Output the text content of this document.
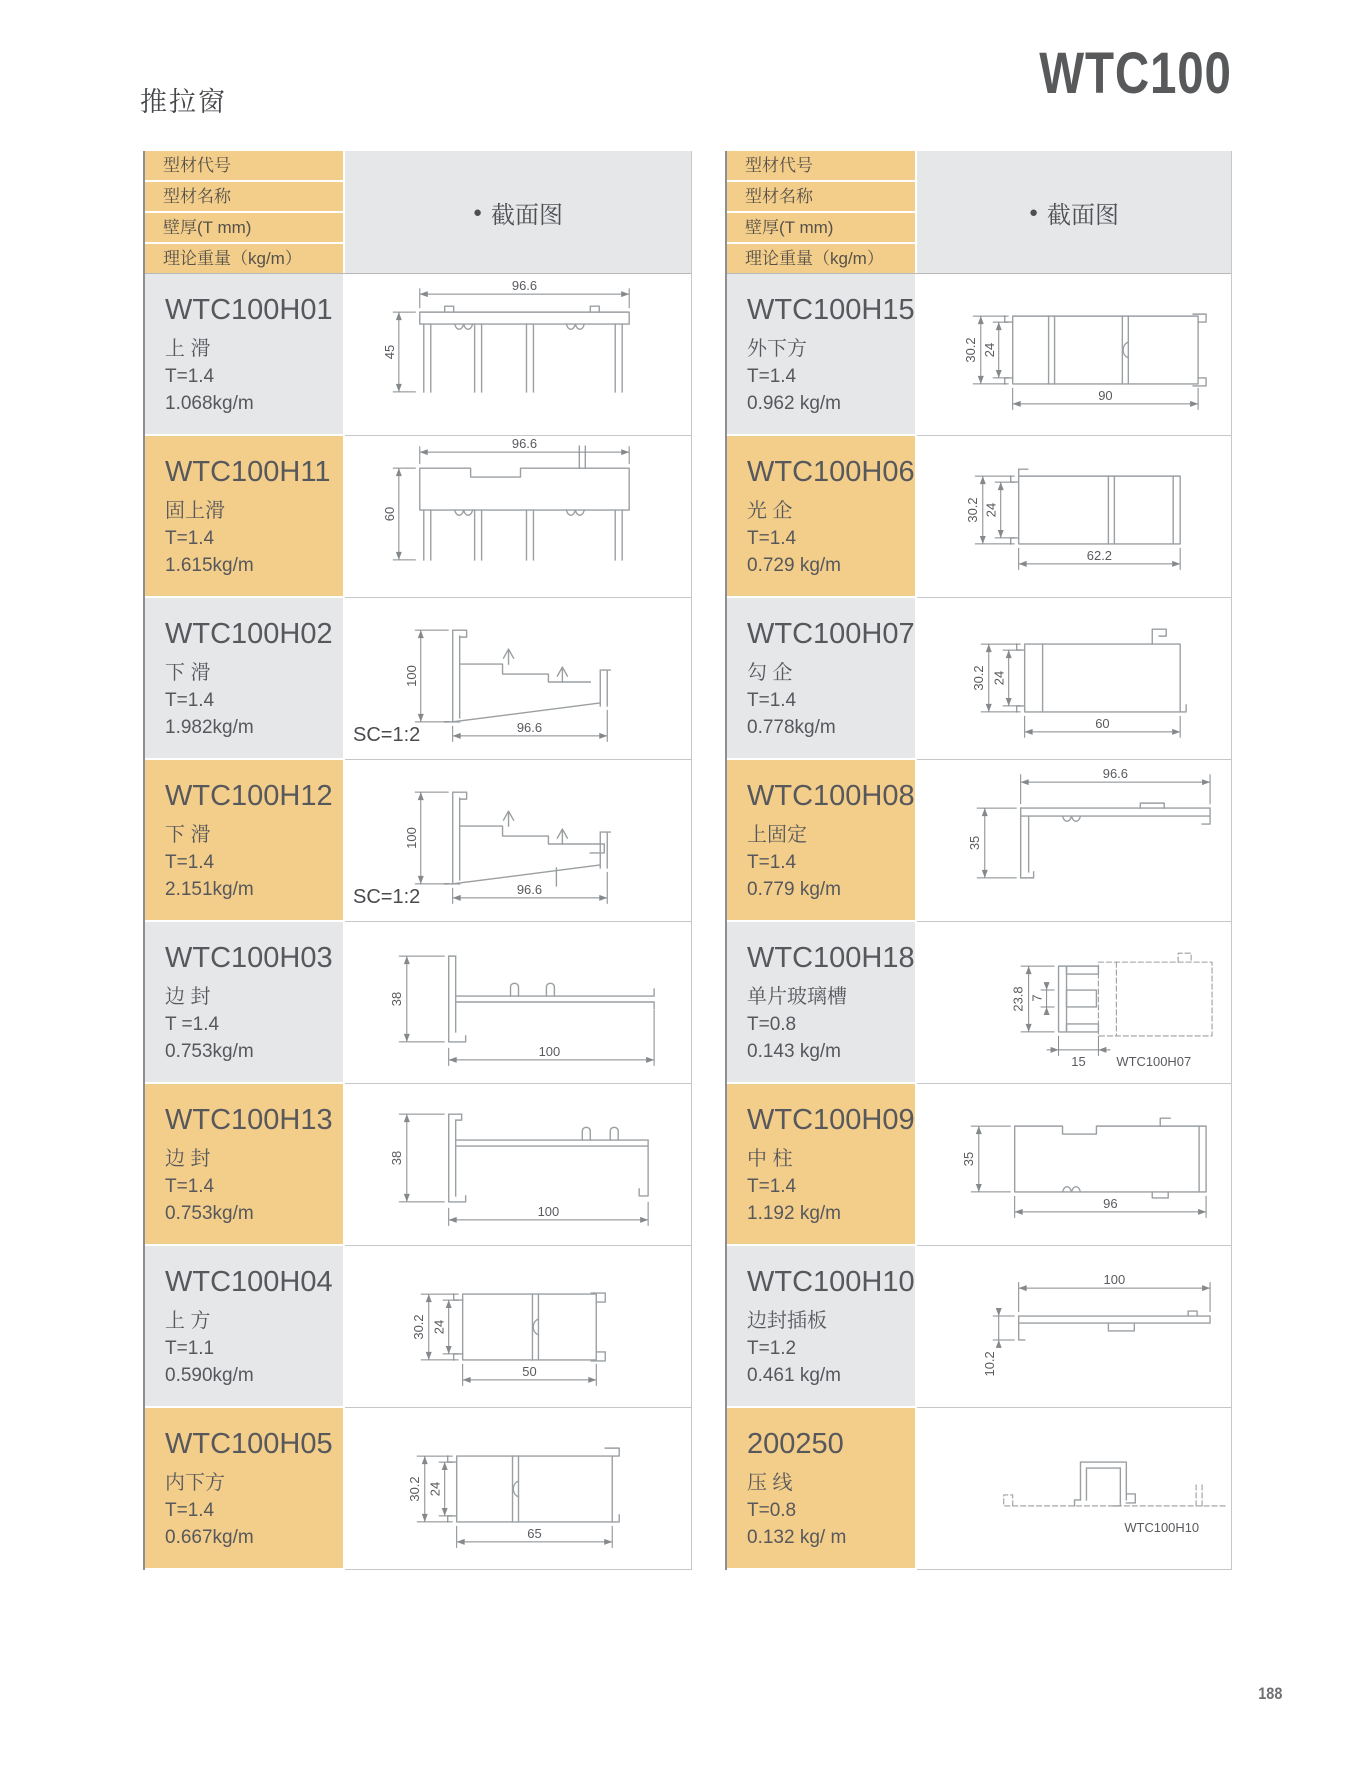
推拉窗	WTC100
型材代号
型材名称
壁厚(T mm)
理论重量（kg/m）
● 截面图
WTC100H01
上 滑
T=1.4
1.068kg/m
96.6
45
WTC100H11
固上滑
T=1.4
1.615kg/m
96.6
60
WTC100H02
下 滑
T=1.4
1.982kg/m
100
96.6
SC=1:2
WTC100H12
下 滑
T=1.4
2.151kg/m
100
96.6
SC=1:2
WTC100H03
边 封
T =1.4
0.753kg/m
38
100
WTC100H13
边 封
T=1.4
0.753kg/m
38
100
WTC100H04
上 方
T=1.1
0.590kg/m
30.2 24
50
WTC100H05
内下方
T=1.4
0.667kg/m
30.2 24
65
型材代号
型材名称
壁厚(T mm)
理论重量（kg/m）
● 截面图
WTC100H15
外下方
T=1.4
0.962 kg/m
30.2 24
90
WTC100H06
光 企
T=1.4
0.729 kg/m
30.2 24
62.2
WTC100H07
勾 企
T=1.4
0.778kg/m
30.2 24
60
WTC100H08
上固定
T=1.4
0.779 kg/m
96.6
35
WTC100H18
单片玻璃槽
T=0.8
0.143 kg/m
23.8 7
15 WTC100H07
WTC100H09
中 柱
T=1.4
1.192 kg/m
35
96
WTC100H10
边封插板
T=1.2
0.461 kg/m
100
10.2
200250
压 线
T=0.8
0.132 kg/ m
WTC100H10
188
